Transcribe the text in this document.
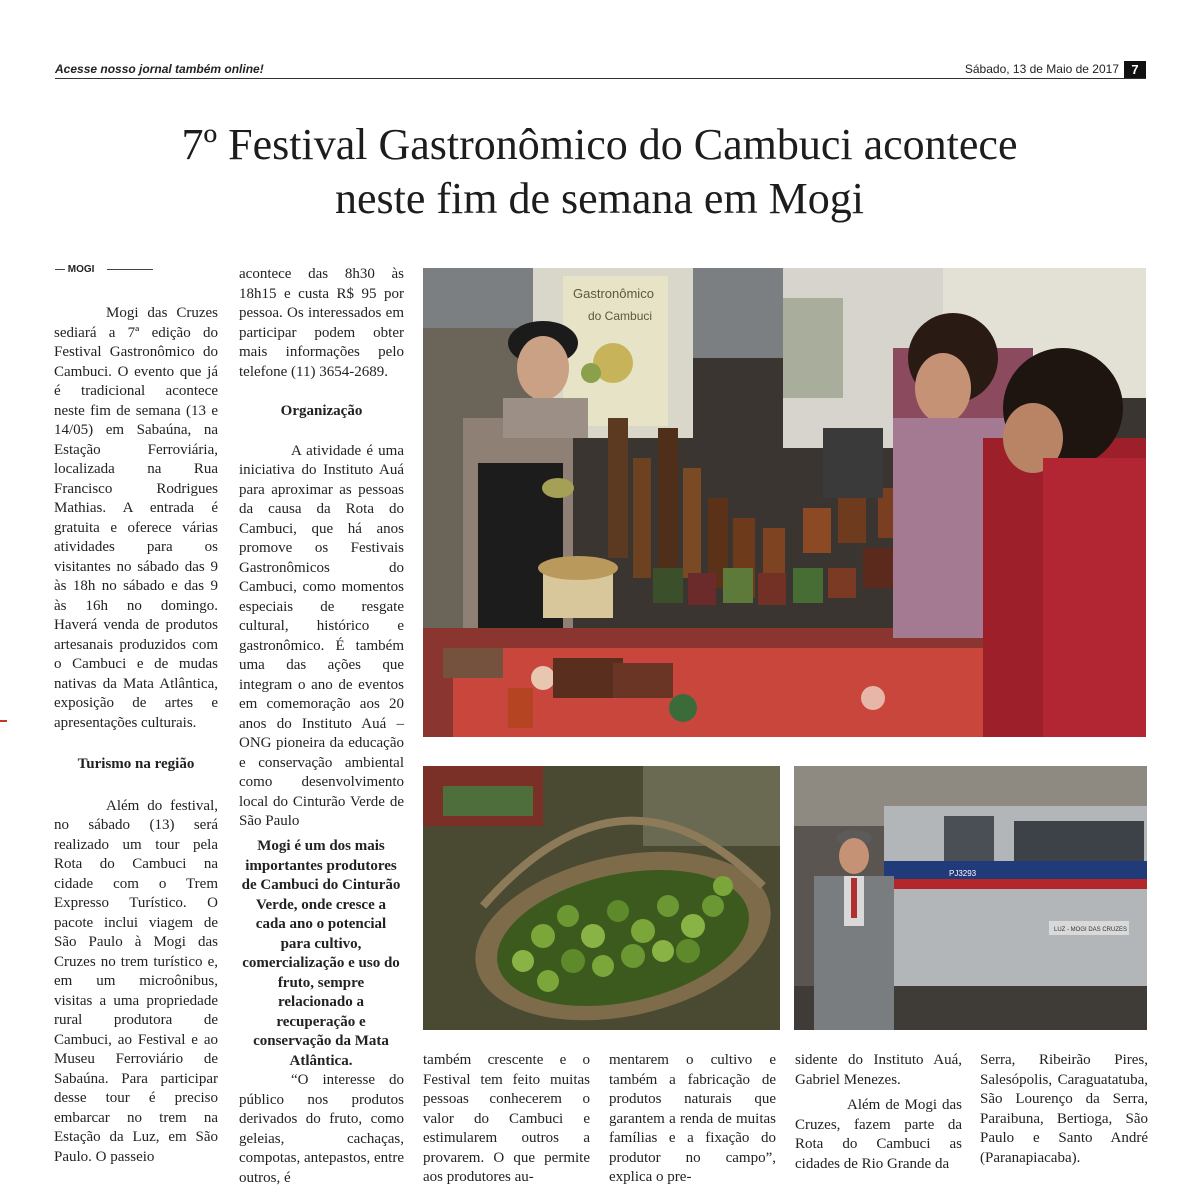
Acesse nosso jornal também online!	Sábado, 13 de Maio de 2017 7
7º Festival Gastronômico do Cambuci acontece
neste fim de semana em Mogi
MOGI

Mogi das Cruzes sediará a 7ª edição do Festival Gastronômico do Cambuci. O evento que já é tradicional acontece neste fim de semana (13 e 14/05) em Sabaúna, na Estação Ferroviária, localizada na Rua Francisco Rodrigues Mathias. A entrada é gratuita e oferece várias atividades para os visitantes no sábado das 9 às 18h no sábado e das 9 às 16h no domingo. Haverá venda de produtos artesanais produzidos com o Cambuci e de mudas nativas da Mata Atlântica, exposição de artes e apresentações culturais.

Turismo na região

Além do festival, no sábado (13) será realizado um tour pela Rota do Cambuci na cidade com o Trem Expresso Turístico. O pacote inclui viagem de São Paulo à Mogi das Cruzes no trem turístico e, em um microônibus, visitas a uma propriedade rural produtora de Cambuci, ao Festival e ao Museu Ferroviário de Sabaúna. Para participar desse tour é preciso embarcar no trem na Estação da Luz, em São Paulo. O passeio

acontece das 8h30 às 18h15 e custa R$ 95 por pessoa. Os interessados em participar podem obter mais informações pelo telefone (11) 3654-2689.

Organização

A atividade é uma iniciativa do Instituto Auá para aproximar as pessoas da causa da Rota do Cambuci, que há anos promove os Festivais Gastronômicos do Cambuci, como momentos especiais de resgate cultural, histórico e gastronômico. É também uma das ações que integram o ano de eventos em comemoração aos 20 anos do Instituto Auá – ONG pioneira da educação e conservação ambiental como desenvolvimento local do Cinturão Verde de São Paulo

Mogi é um dos mais importantes produtores de Cambuci do Cinturão Verde, onde cresce a cada ano o potencial para cultivo, comercialização e uso do fruto, sempre relacionado a recuperação e conservação da Mata Atlântica.

“O interesse do público nos produtos derivados do fruto, como geleias, cachaças, compotas, antepastos, entre outros, é

também crescente e o Festival tem feito muitas pessoas conhecerem o valor do Cambuci e estimularem outros a provarem. O que permite aos produtores au-

mentarem o cultivo e também a fabricação de produtos naturais que garantem a renda de muitas famílias e a fixação do produtor no campo”, explica o pre-

sidente do Instituto Auá, Gabriel Menezes.

Além de Mogi das Cruzes, fazem parte da Rota do Cambuci as cidades de Rio Grande da

Serra, Ribeirão Pires, Salesópolis, Caraguatatuba, São Lourenço da Serra, Paraibuna, Bertioga, São Paulo e Santo André (Paranapiacaba).

Gastronômico
do Cambuci
PJ3293
LUZ - MOGI DAS CRUZES
